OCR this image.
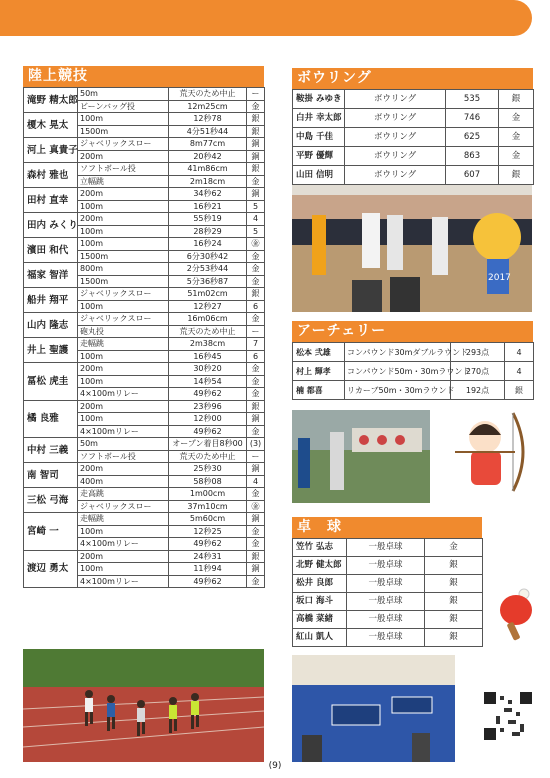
陸上競技
滝野 精太郎	50m	荒天のため中止	ー
	ビーンバッグ投	12m25cm	金
榎木 晃太	100m	12秒78	銀
	1500m	4分51秒44	銀
河上 真貴子	ジャベリックスロー	8m77cm	銅
	200m	20秒42	銅
森村 雅也	ソフトボール投	41m86cm	銀
	立幅跳	2m18cm	金
田村 直幸	200m	34秒62	銅
	100m	16秒21	5
田内 みくり	200m	55秒19	4
	100m	28秒29	5
濱田 和代	100m	16秒24	㊎
	1500m	6分30秒42	金
福家 智洋	800m	2分53秒44	金
	1500m	5分36秒87	金
船井 翔平	ジャベリックスロー	51m02cm	銀
	100m	12秒27	6
山内 隆志	ジャベリックスロー	16m06cm	金
	砲丸投	荒天のため中止	ー
井上 聖護	走幅跳	2m38cm	7
	100m	16秒45	6
冨松 虎圭	200m	30秒20	金
	100m	14秒54	金
	4×100mリレー	49秒62	金
橘 良雅	200m	23秒96	銀
	100m	12秒00	銅
	4×100mリレー	49秒62	金
中村 三義	50m	オープン着目8秒00	(3)
	ソフトボール投	荒天のため中止	ー
南 智司	200m	25秒30	銅
	400m	58秒08	4
三松 弓海	走高跳	1m00cm	金
	ジャベリックスロー	37m10cm	㊎
宮崎 一	走幅跳	5m60cm	銅
	100m	12秒25	金
	4×100mリレー	49秒62	金
渡辺 勇太	200m	24秒31	銀
	100m	11秒94	銅
	4×100mリレー	49秒62	金
ボウリング
鞍掛 みゆき	ボウリング	535	銀
白井 幸太郎	ボウリング	746	金
中島 千佳	ボウリング	625	金
平野 優輝	ボウリング	863	金
山田 信明	ボウリング	607	銀
2017
アーチェリー
松本 弐雄	コンパウンド30mダブルラウンド	293点	4
村上 輝孝	コンパウンド50m・30mラウンド	270点	4
楠 都喜	リカーブ50m・30mラウンド	192点	銀
卓　球
笠竹 弘志	一般卓球	金
北野 健太郎	一般卓球	銀
松井 良郎	一般卓球	銀
坂口 海斗	一般卓球	銀
高橋 菜緒	一般卓球	銀
紅山 凱人	一般卓球	銀
(9)
